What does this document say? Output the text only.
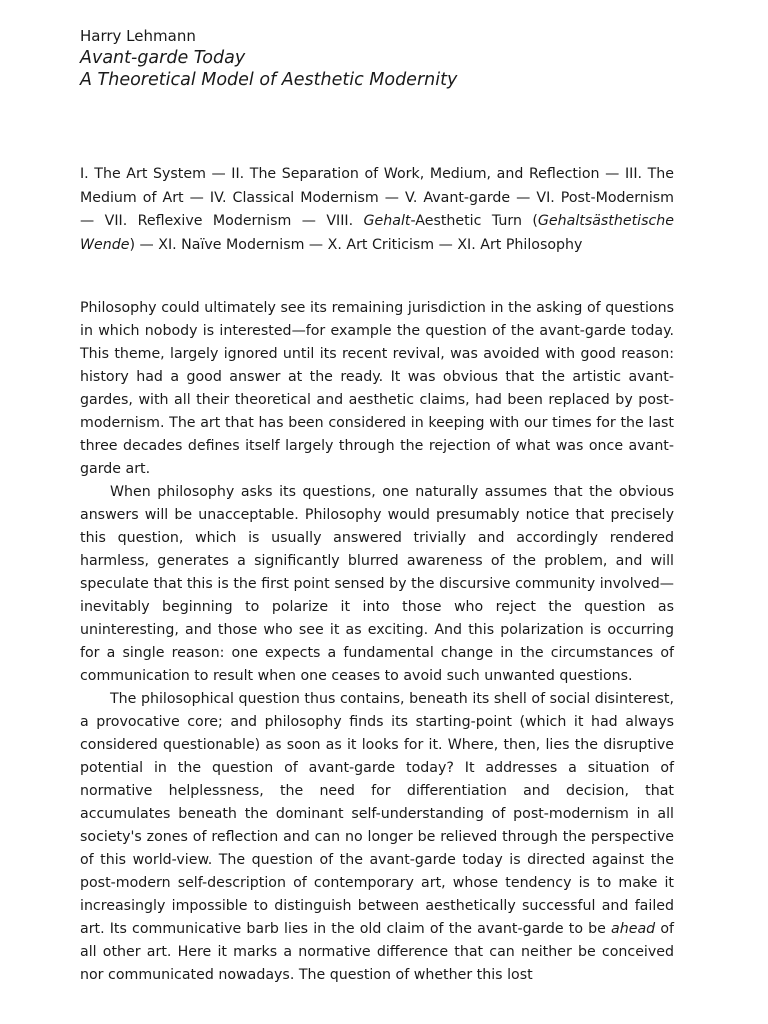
Harry Lehmann

Avant-garde Today

A Theoretical Model of Aesthetic Modernity

I. The Art System — II. The Separation of Work, Medium, and Reflection — III. The Medium of Art — IV. Classical Modernism — V. Avant-garde — VI. Post-Modernism — VII. Reflexive Modernism — VIII. Gehalt-Aesthetic Turn (Gehaltsästhetische Wende) — XI. Naïve Modernism — X. Art Criticism — XI. Art Philosophy

Philosophy could ultimately see its remaining jurisdiction in the asking of questions in which nobody is interested—for example the question of the avant-garde today. This theme, largely ignored until its recent revival, was avoided with good reason: history had a good answer at the ready. It was obvious that the artistic avant-gardes, with all their theoretical and aesthetic claims, had been replaced by post-modernism. The art that has been considered in keeping with our times for the last three decades defines itself largely through the rejection of what was once avant-garde art.

When philosophy asks its questions, one naturally assumes that the obvious answers will be unacceptable. Philosophy would presumably notice that precisely this question, which is usually answered trivially and accordingly rendered harmless, generates a significantly blurred awareness of the problem, and will speculate that this is the first point sensed by the discursive community involved—inevitably beginning to polarize it into those who reject the question as uninteresting, and those who see it as exciting. And this polarization is occurring for a single reason: one expects a fundamental change in the circumstances of communication to result when one ceases to avoid such unwanted questions.

The philosophical question thus contains, beneath its shell of social disinterest, a provocative core; and philosophy finds its starting-point (which it had always considered questionable) as soon as it looks for it. Where, then, lies the disruptive potential in the question of avant-garde today? It addresses a situation of normative helplessness, the need for differentiation and decision, that accumulates beneath the dominant self-understanding of post-modernism in all society's zones of reflection and can no longer be relieved through the perspective of this world-view. The question of the avant-garde today is directed against the post-modern self-description of contemporary art, whose tendency is to make it increasingly impossible to distinguish between aesthetically successful and failed art. Its communicative barb lies in the old claim of the avant-garde to be ahead of all other art. Here it marks a normative difference that can neither be conceived nor communicated nowadays. The question of whether this lost
